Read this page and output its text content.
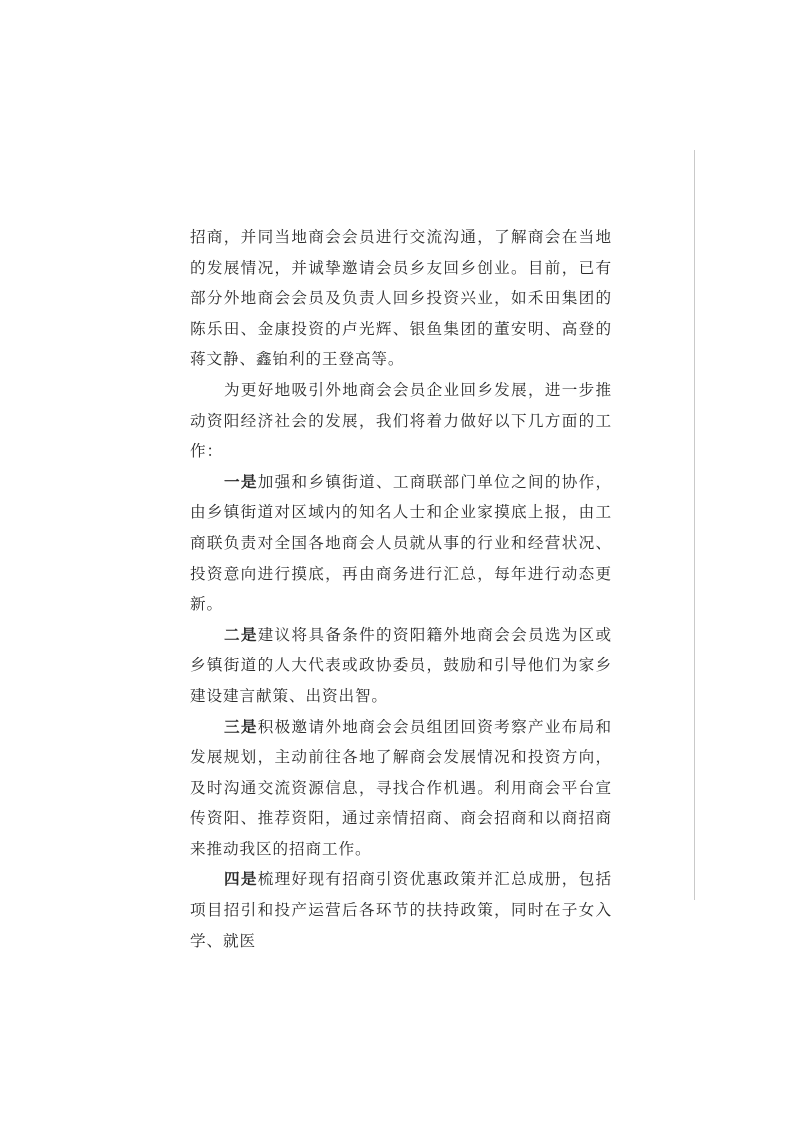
招商，并同当地商会会员进行交流沟通，了解商会在当地的发展情况，并诚挚邀请会员乡友回乡创业。目前，已有部分外地商会会员及负责人回乡投资兴业，如禾田集团的陈乐田、金康投资的卢光辉、银鱼集团的董安明、高登的蒋文静、鑫铂利的王登高等。

为更好地吸引外地商会会员企业回乡发展，进一步推动资阳经济社会的发展，我们将着力做好以下几方面的工作：

一是加强和乡镇街道、工商联部门单位之间的协作，由乡镇街道对区域内的知名人士和企业家摸底上报，由工商联负责对全国各地商会人员就从事的行业和经营状况、投资意向进行摸底，再由商务进行汇总，每年进行动态更新。

二是建议将具备条件的资阳籍外地商会会员选为区或乡镇街道的人大代表或政协委员，鼓励和引导他们为家乡建设建言献策、出资出智。

三是积极邀请外地商会会员组团回资考察产业布局和发展规划，主动前往各地了解商会发展情况和投资方向，及时沟通交流资源信息，寻找合作机遇。利用商会平台宣传资阳、推荐资阳，通过亲情招商、商会招商和以商招商来推动我区的招商工作。

四是梳理好现有招商引资优惠政策并汇总成册，包括项目招引和投产运营后各环节的扶持政策，同时在子女入学、就医
